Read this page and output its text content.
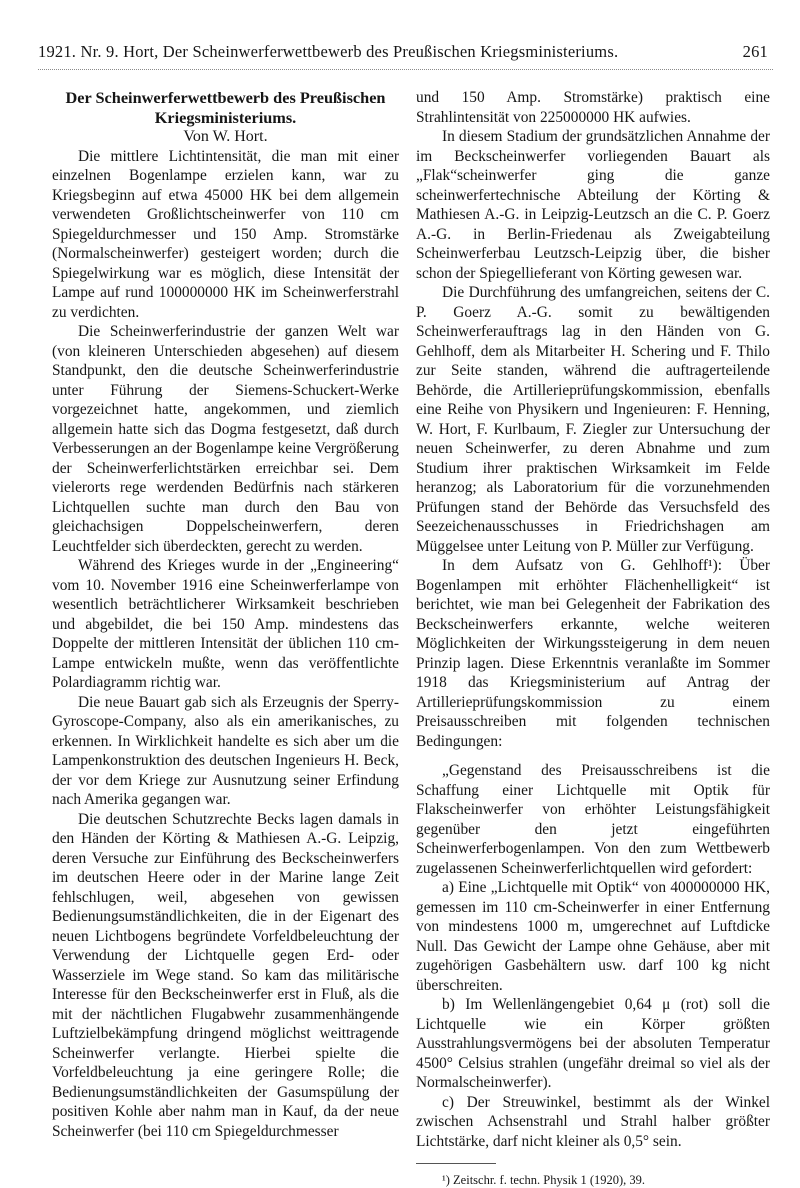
1921. Nr. 9. Hort, Der Scheinwerferwettbewerb des Preußischen Kriegsministeriums.	261

Der Scheinwerferwettbewerb des Preußischen Kriegsministeriums.

Von W. Hort.

Die mittlere Lichtintensität, die man mit einer einzelnen Bogenlampe erzielen kann, war zu Kriegsbeginn auf etwa 45000 HK bei dem allgemein verwendeten Großlichtscheinwerfer von 110 cm Spiegeldurchmesser und 150 Amp. Stromstärke (Normalscheinwerfer) gesteigert worden; durch die Spiegelwirkung war es möglich, diese Intensität der Lampe auf rund 100000000 HK im Scheinwerferstrahl zu verdichten.

Die Scheinwerferindustrie der ganzen Welt war (von kleineren Unterschieden abgesehen) auf diesem Standpunkt, den die deutsche Scheinwerferindustrie unter Führung der Siemens-Schuckert-Werke vorgezeichnet hatte, angekommen, und ziemlich allgemein hatte sich das Dogma festgesetzt, daß durch Verbesserungen an der Bogenlampe keine Vergrößerung der Scheinwerferlichtstärken erreichbar sei. Dem vielerorts rege werdenden Bedürfnis nach stärkeren Lichtquellen suchte man durch den Bau von gleichachsigen Doppelscheinwerfern, deren Leuchtfelder sich überdeckten, gerecht zu werden.

Während des Krieges wurde in der „Engineering“ vom 10. November 1916 eine Scheinwerferlampe von wesentlich beträchtlicherer Wirksamkeit beschrieben und abgebildet, die bei 150 Amp. mindestens das Doppelte der mittleren Intensität der üblichen 110 cm-Lampe entwickeln mußte, wenn das veröffentlichte Polardiagramm richtig war.

Die neue Bauart gab sich als Erzeugnis der Sperry-Gyroscope-Company, also als ein amerikanisches, zu erkennen. In Wirklichkeit handelte es sich aber um die Lampenkonstruktion des deutschen Ingenieurs H. Beck, der vor dem Kriege zur Ausnutzung seiner Erfindung nach Amerika gegangen war.

Die deutschen Schutzrechte Becks lagen damals in den Händen der Körting & Mathiesen A.-G. Leipzig, deren Versuche zur Einführung des Beckscheinwerfers im deutschen Heere oder in der Marine lange Zeit fehlschlugen, weil, abgesehen von gewissen Bedienungsumständlichkeiten, die in der Eigenart des neuen Lichtbogens begründete Vorfeldbeleuchtung der Verwendung der Lichtquelle gegen Erd- oder Wasserziele im Wege stand. So kam das militärische Interesse für den Beckscheinwerfer erst in Fluß, als die mit der nächtlichen Flugabwehr zusammenhängende Luftzielbekämpfung dringend möglichst weittragende Scheinwerfer verlangte. Hierbei spielte die Vorfeldbeleuchtung ja eine geringere Rolle; die Bedienungsumständlichkeiten der Gasumspülung der positiven Kohle aber nahm man in Kauf, da der neue Scheinwerfer (bei 110 cm Spiegeldurchmesser

und 150 Amp. Stromstärke) praktisch eine Strahlintensität von 225000000 HK aufwies.

In diesem Stadium der grundsätzlichen Annahme der im Beckscheinwerfer vorliegenden Bauart als „Flak“scheinwerfer ging die ganze scheinwerfertechnische Abteilung der Körting & Mathiesen A.-G. in Leipzig-Leutzsch an die C. P. Goerz A.-G. in Berlin-Friedenau als Zweigabteilung Scheinwerferbau Leutzsch-Leipzig über, die bisher schon der Spiegellieferant von Körting gewesen war.

Die Durchführung des umfangreichen, seitens der C. P. Goerz A.-G. somit zu bewältigenden Scheinwerferauftrags lag in den Händen von G. Gehlhoff, dem als Mitarbeiter H. Schering und F. Thilo zur Seite standen, während die auftragerteilende Behörde, die Artillerieprüfungskommission, ebenfalls eine Reihe von Physikern und Ingenieuren: F. Henning, W. Hort, F. Kurlbaum, F. Ziegler zur Untersuchung der neuen Scheinwerfer, zu deren Abnahme und zum Studium ihrer praktischen Wirksamkeit im Felde heranzog; als Laboratorium für die vorzunehmenden Prüfungen stand der Behörde das Versuchsfeld des Seezeichenausschusses in Friedrichshagen am Müggelsee unter Leitung von P. Müller zur Verfügung.

In dem Aufsatz von G. Gehlhoff¹): Über Bogenlampen mit erhöhter Flächenhelligkeit“ ist berichtet, wie man bei Gelegenheit der Fabrikation des Beckscheinwerfers erkannte, welche weiteren Möglichkeiten der Wirkungssteigerung in dem neuen Prinzip lagen. Diese Erkenntnis veranlaßte im Sommer 1918 das Kriegsministerium auf Antrag der Artillerieprüfungskommission zu einem Preisausschreiben mit folgenden technischen Bedingungen:

„Gegenstand des Preisausschreibens ist die Schaffung einer Lichtquelle mit Optik für Flakscheinwerfer von erhöhter Leistungsfähigkeit gegenüber den jetzt eingeführten Scheinwerferbogenlampen. Von den zum Wettbewerb zugelassenen Scheinwerferlichtquellen wird gefordert:

a) Eine „Lichtquelle mit Optik“ von 400000000 HK, gemessen im 110 cm-Scheinwerfer in einer Entfernung von mindestens 1000 m, umgerechnet auf Luftdicke Null. Das Gewicht der Lampe ohne Gehäuse, aber mit zugehörigen Gasbehältern usw. darf 100 kg nicht überschreiten.

b) Im Wellenlängengebiet 0,64 μ (rot) soll die Lichtquelle wie ein Körper größten Ausstrahlungsvermögens bei der absoluten Temperatur 4500° Celsius strahlen (ungefähr dreimal so viel als der Normalscheinwerfer).

c) Der Streuwinkel, bestimmt als der Winkel zwischen Achsenstrahl und Strahl halber größter Lichtstärke, darf nicht kleiner als 0,5° sein.

¹) Zeitschr. f. techn. Physik 1 (1920), 39.
